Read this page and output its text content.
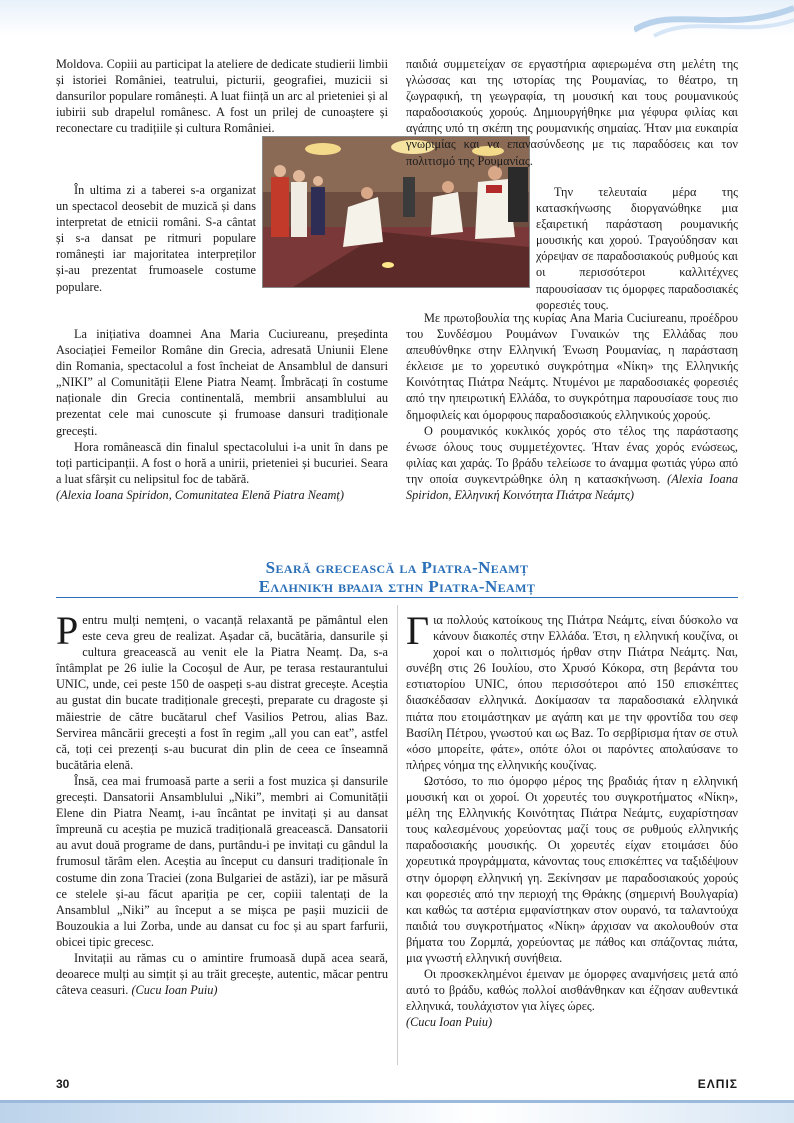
Moldova. Copiii au participat la ateliere de dedicate studierii limbii și istoriei României, teatrului, picturii, geografiei, muzicii si dansurilor populare românești. A luat ființă un arc al prieteniei și al iubirii sub drapelul românesc. A fost un prilej de cunoaștere și reconectare cu tradițiile și cultura României.

În ultima zi a taberei s-a organizat un spectacol deosebit de muzică și dans interpretat de etnicii români. S-a cântat și s-a dansat pe ritmuri populare românești iar majoritatea interpreților și-au prezentat frumoasele costume populare.

La inițiativa doamnei Ana Maria Cuciureanu, președinta Asociației Femeilor Române din Grecia, adresată Uniunii Elene din Romania, spectacolul a fost încheiat de Ansamblul de dansuri „NIKI” al Comunității Elene Piatra Neamț. Îmbrăcați în costume naționale din Grecia continentală, membrii ansamblului au prezentat cele mai cunoscute și frumoase dansuri tradiționale grecești.

Hora românească din finalul spectacolului i-a unit în dans pe toți participanții. A fost o horă a unirii, prieteniei și bucuriei. Seara a luat sfârșit cu nelipsitul foc de tabără.

(Alexia Ioana Spiridon, Comunitatea Elenă Piatra Neamț)

παιδιά συμμετείχαν σε εργαστήρια αφιερωμένα στη μελέτη της γλώσσας και της ιστορίας της Ρουμανίας, το θέατρο, τη ζωγραφική, τη γεωγραφία, τη μουσική και τους ρουμανικούς παραδοσιακούς χορούς. Δημιουργήθηκε μια γέφυρα φιλίας και αγάπης υπό τη σκέπη της ρουμανικής σημαίας. Ήταν μια ευκαιρία γνωριμίας και να επανασύνδεσης με τις παραδόσεις και τον πολιτισμό της Ρουμανίας.

Την τελευταία μέρα της κατασκήνωσης διοργανώθηκε μια εξαιρετική παράσταση ρουμανικής μουσικής και χορού. Τραγούδησαν και χόρεψαν σε παραδοσιακούς ρυθμούς και οι περισσότεροι καλλιτέχνες παρουσίασαν τις όμορφες παραδοσιακές φορεσιές τους.

Με πρωτοβουλία της κυρίας Ana Maria Cuciureanu, προέδρου του Συνδέσμου Ρουμάνων Γυναικών της Ελλάδας που απευθύνθηκε στην Ελληνική Ένωση Ρουμανίας, η παράσταση έκλεισε με το χορευτικό συγκρότημα «Νίκη» της Ελληνικής Κοινότητας Πιάτρα Νεάμτς. Ντυμένοι με παραδοσιακές φορεσιές από την ηπειρωτική Ελλάδα, το συγκρότημα παρουσίασε τους πιο δημοφιλείς και όμορφους παραδοσιακούς ελληνικούς χορούς.

Ο ρουμανικός κυκλικός χορός στο τέλος της παράστασης ένωσε όλους τους συμμετέχοντες. Ήταν ένας χορός ενώσεως, φιλίας και χαράς. Το βράδυ τελείωσε το άναμμα φωτιάς γύρω από την οποία συγκεντρώθηκε όλη η κατασκήνωση. (Alexia Ioana Spiridon, Ελληνική Κοινότητα Πιάτρα Νεάμτς)

Seară grecească la Piatra-Neamț
Ελληνική βραδιά στην Piatra-Neamț

Pentru mulți nemțeni, o vacanță relaxantă pe pământul elen este ceva greu de realizat. Așadar că, bucătăria, dansurile și cultura greacească au venit ele la Piatra Neamț. Da, s-a întâmplat pe 26 iulie la Cocoșul de Aur, pe terasa restaurantului UNIC, unde, cei peste 150 de oaspeți s-au distrat grecește. Aceștia au gustat din bucate tradiționale grecești, preparate cu dragoste și măiestrie de către bucătarul chef Vasilios Petrou, alias Baz. Servirea mâncării grecești a fost în regim „all you can eat”, astfel că, toți cei prezenți s-au bucurat din plin de ceea ce înseamnă bucătăria elenă.

Însă, cea mai frumoasă parte a serii a fost muzica și dansurile grecești. Dansatorii Ansamblului „Niki”, membri ai Comunității Elene din Piatra Neamț, i-au încântat pe invitați și au dansat împreună cu aceștia pe muzică tradițională greacească. Dansatorii au avut două programe de dans, purtându-i pe invitați cu gândul la frumosul tărâm elen. Aceștia au început cu dansuri tradiționale în costume din zona Traciei (zona Bulgariei de astăzi), iar pe măsură ce stelele și-au făcut apariția pe cer, copiii talentați de la Ansamblul „Niki” au început a se mișca pe pașii muzicii de Bouzoukia a lui Zorba, unde au dansat cu foc și au spart farfurii, obicei tipic grecesc.

Invitații au rămas cu o amintire frumoasă după acea seară, deoarece mulți au simțit și au trăit grecește, autentic, măcar pentru câteva ceasuri. (Cucu Ioan Puiu)

Για πολλούς κατοίκους της Πιάτρα Νεάμτς, είναι δύσκολο να κάνουν διακοπές στην Ελλάδα. Έτσι, η ελληνική κουζίνα, οι χοροί και ο πολιτισμός ήρθαν στην Πιάτρα Νεάμτς. Ναι, συνέβη στις 26 Ιουλίου, στο Χρυσό Κόκορα, στη βεράντα του εστιατορίου UNIC, όπου περισσότεροι από 150 επισκέπτες διασκέδασαν ελληνικά. Δοκίμασαν τα παραδοσιακά ελληνικά πιάτα που ετοιμάστηκαν με αγάπη και με την φροντίδα του σεφ Βασίλη Πέτρου, γνωστού και ως Baz. Το σερβίρισμα ήταν σε στυλ «όσο μπορείτε, φάτε», οπότε όλοι οι παρόντες απολαύσανε το πλήρες νόημα της ελληνικής κουζίνας.

Ωστόσο, το πιο όμορφο μέρος της βραδιάς ήταν η ελληνική μουσική και οι χοροί. Οι χορευτές του συγκροτήματος «Νίκη», μέλη της Ελληνικής Κοινότητας Πιάτρα Νεάμτς, ευχαρίστησαν τους καλεσμένους χορεύοντας μαζί τους σε ρυθμούς ελληνικής παραδοσιακής μουσικής. Οι χορευτές είχαν ετοιμάσει δύο χορευτικά προγράμματα, κάνοντας τους επισκέπτες να ταξιδέψουν στην όμορφη ελληνική γη. Ξεκίνησαν με παραδοσιακούς χορούς και φορεσιές από την περιοχή της Θράκης (σημερινή Βουλγαρία) και καθώς τα αστέρια εμφανίστηκαν στον ουρανό, τα ταλαντούχα παιδιά του συγκροτήματος «Νίκη» άρχισαν να ακολουθούν στα βήματα του Ζορμπά, χορεύοντας με πάθος και σπάζοντας πιάτα, μια γνωστή ελληνική συνήθεια.

Οι προσκεκλημένοι έμειναν με όμορφες αναμνήσεις μετά από αυτό το βράδυ, καθώς πολλοί αισθάνθηκαν και έζησαν αυθεντικά ελληνικά, τουλάχιστον για λίγες ώρες.

(Cucu Ioan Puiu)

30	ΕΛΠΙΣ
